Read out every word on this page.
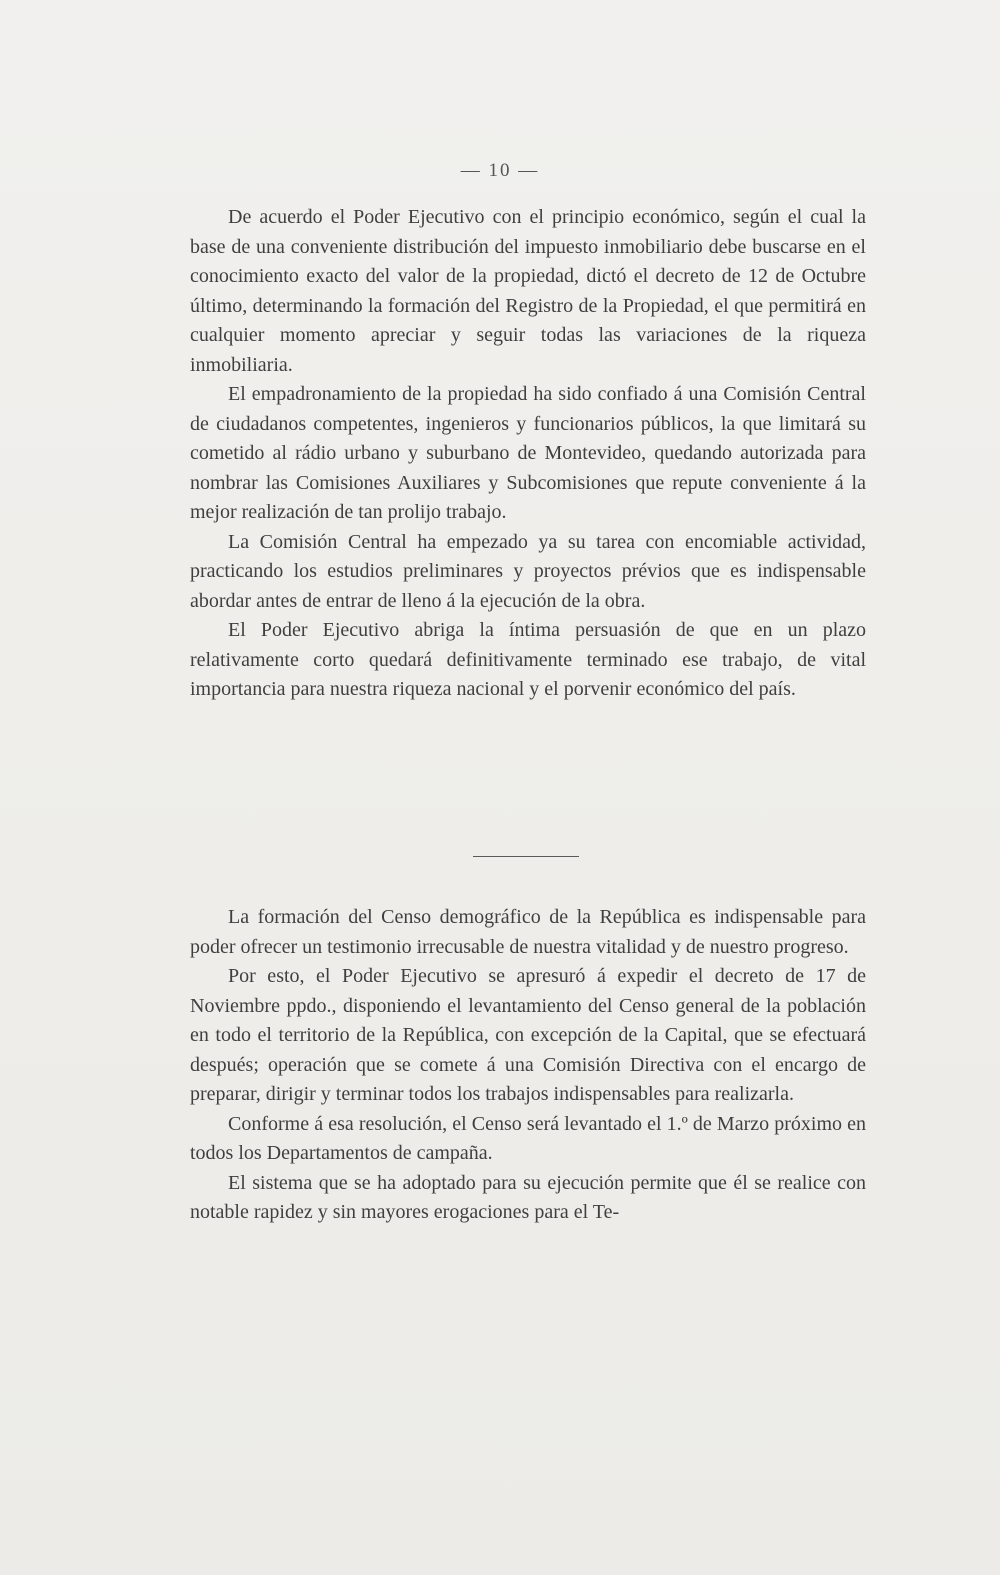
— 10 —

De acuerdo el Poder Ejecutivo con el principio económico, según el cual la base de una conveniente distribución del impuesto inmobiliario debe buscarse en el conocimiento exacto del valor de la propiedad, dictó el decreto de 12 de Octubre último, determinando la formación del Registro de la Propiedad, el que permitirá en cualquier momento apreciar y seguir todas las variaciones de la riqueza inmobiliaria.

El empadronamiento de la propiedad ha sido confiado á una Comisión Central de ciudadanos competentes, ingenieros y funcionarios públicos, la que limitará su cometido al rádio urbano y suburbano de Montevideo, quedando autorizada para nombrar las Comisiones Auxiliares y Subcomisiones que repute conveniente á la mejor realización de tan prolijo trabajo.

La Comisión Central ha empezado ya su tarea con encomiable actividad, practicando los estudios preliminares y proyectos prévios que es indispensable abordar antes de entrar de lleno á la ejecución de la obra.

El Poder Ejecutivo abriga la íntima persuasión de que en un plazo relativamente corto quedará definitivamente terminado ese trabajo, de vital importancia para nuestra riqueza nacional y el porvenir económico del país.

La formación del Censo demográfico de la República es indispensable para poder ofrecer un testimonio irrecusable de nuestra vitalidad y de nuestro progreso.

Por esto, el Poder Ejecutivo se apresuró á expedir el decreto de 17 de Noviembre ppdo., disponiendo el levantamiento del Censo general de la población en todo el territorio de la República, con excepción de la Capital, que se efectuará después; operación que se comete á una Comisión Directiva con el encargo de preparar, dirigir y terminar todos los trabajos indispensables para realizarla.

Conforme á esa resolución, el Censo será levantado el 1.º de Marzo próximo en todos los Departamentos de campaña.

El sistema que se ha adoptado para su ejecución permite que él se realice con notable rapidez y sin mayores erogaciones para el Te-
